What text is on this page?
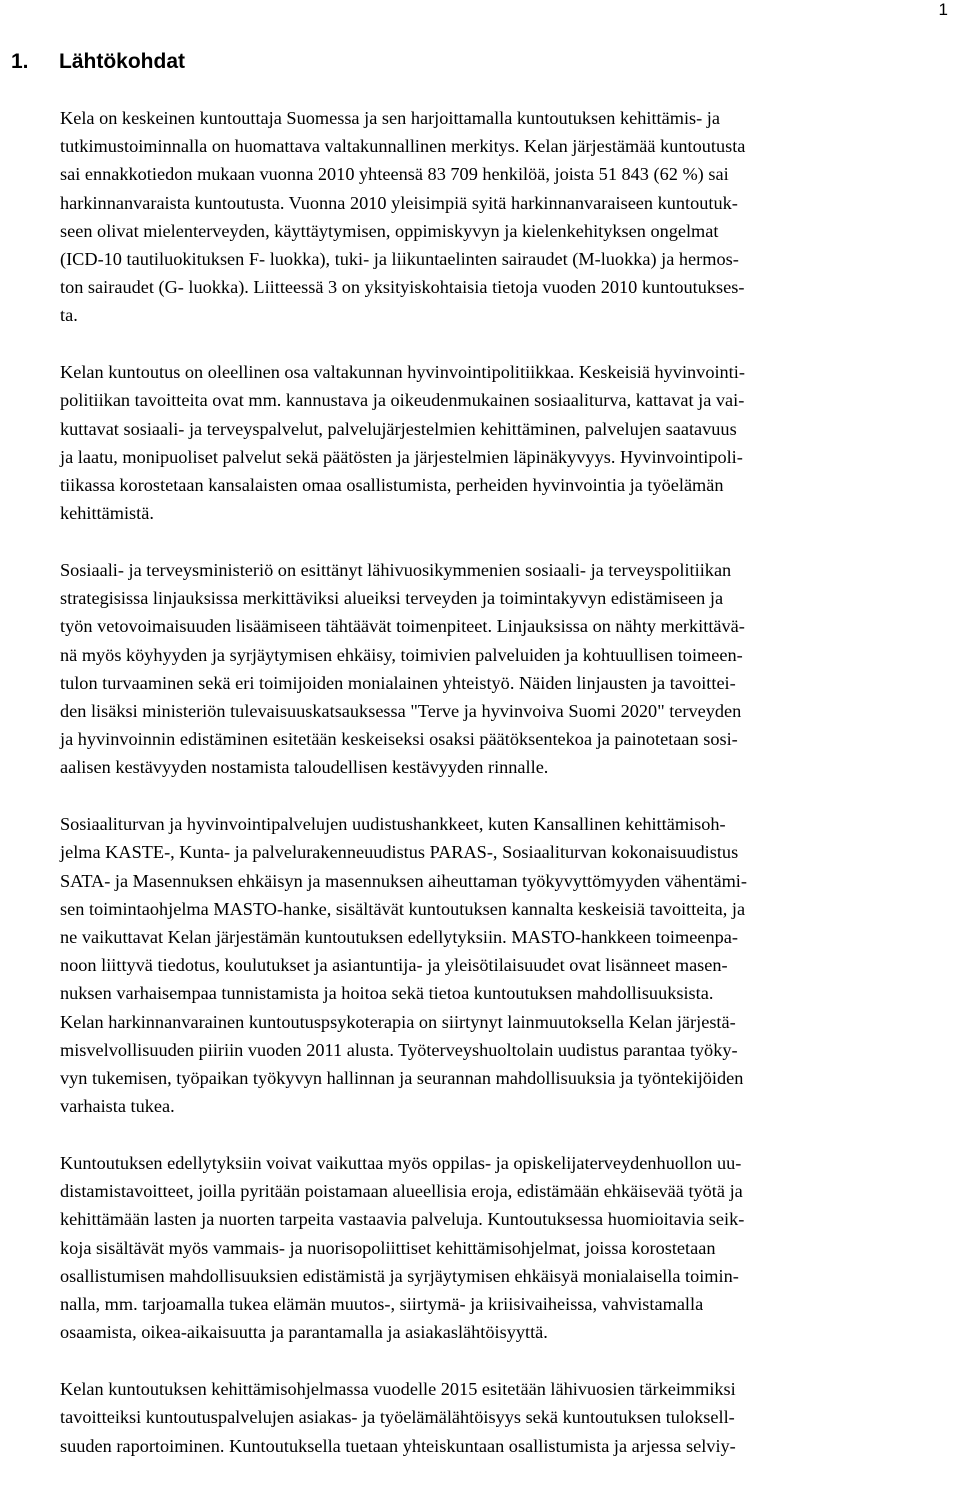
1
1. Lähtökohdat

Kela on keskeinen kuntouttaja Suomessa ja sen harjoittamalla kuntoutuksen kehittämis- ja
tutkimustoiminnalla on huomattava valtakunnallinen merkitys. Kelan järjestämää kuntoutusta
sai ennakkotiedon mukaan vuonna 2010 yhteensä 83 709 henkilöä, joista 51 843 (62 %) sai
harkinnanvaraista kuntoutusta. Vuonna 2010 yleisimpiä syitä harkinnanvaraiseen kuntoutuk-
seen olivat mielenterveyden, käyttäytymisen, oppimiskyvyn ja kielenkehityksen ongelmat
(ICD-10 tautiluokituksen F- luokka), tuki- ja liikuntaelinten sairaudet (M-luokka) ja hermos-
ton sairaudet (G- luokka). Liitteessä 3 on yksityiskohtaisia tietoja vuoden 2010 kuntoutukses-
ta.

Kelan kuntoutus on oleellinen osa valtakunnan hyvinvointipolitiikkaa. Keskeisiä hyvinvointi-
politiikan tavoitteita ovat mm. kannustava ja oikeudenmukainen sosiaaliturva, kattavat ja vai-
kuttavat sosiaali- ja terveyspalvelut, palvelujärjestelmien kehittäminen, palvelujen saatavuus
ja laatu, monipuoliset palvelut sekä päätösten ja järjestelmien läpinäkyvyys. Hyvinvointipoli-
tiikassa korostetaan kansalaisten omaa osallistumista, perheiden hyvinvointia ja työelämän
kehittämistä.

Sosiaali- ja terveysministeriö on esittänyt lähivuosikymmenien sosiaali- ja terveyspolitiikan
strategisissa linjauksissa merkittäviksi alueiksi terveyden ja toimintakyvyn edistämiseen ja
työn vetovoimaisuuden lisäämiseen tähtäävät toimenpiteet. Linjauksissa on nähty merkittävä-
nä myös köyhyyden ja syrjäytymisen ehkäisy, toimivien palveluiden ja kohtuullisen toimeen-
tulon turvaaminen sekä eri toimijoiden monialainen yhteistyö. Näiden linjausten ja tavoittei-
den lisäksi ministeriön tulevaisuuskatsauksessa "Terve ja hyvinvoiva Suomi 2020" terveyden
ja hyvinvoinnin edistäminen esitetään keskeiseksi osaksi päätöksentekoa ja painotetaan sosi-
aalisen kestävyyden nostamista taloudellisen kestävyyden rinnalle.

Sosiaaliturvan ja hyvinvointipalvelujen uudistushankkeet, kuten Kansallinen kehittämisoh-
jelma KASTE-, Kunta- ja palvelurakenneuudistus PARAS-, Sosiaaliturvan kokonaisuudistus
SATA- ja Masennuksen ehkäisyn ja masennuksen aiheuttaman työkyvyttömyyden vähentämi-
sen toimintaohjelma MASTO-hanke, sisältävät kuntoutuksen kannalta keskeisiä tavoitteita, ja
ne vaikuttavat Kelan järjestämän kuntoutuksen edellytyksiin. MASTO-hankkeen toimeenpa-
noon liittyvä tiedotus, koulutukset ja asiantuntija- ja yleisötilaisuudet ovat lisänneet masen-
nuksen varhaisempaa tunnistamista ja hoitoa sekä tietoa kuntoutuksen mahdollisuuksista.
Kelan harkinnanvarainen kuntoutuspsykoterapia on siirtynyt lainmuutoksella Kelan järjestä-
misvelvollisuuden piiriin vuoden 2011 alusta. Työterveyshuoltolain uudistus parantaa työky-
vyn tukemisen, työpaikan työkyvyn hallinnan ja seurannan mahdollisuuksia ja työntekijöiden
varhaista tukea.

Kuntoutuksen edellytyksiin voivat vaikuttaa myös oppilas- ja opiskelijaterveydenhuollon uu-
distamistavoitteet, joilla pyritään poistamaan alueellisia eroja, edistämään ehkäisevää työtä ja
kehittämään lasten ja nuorten tarpeita vastaavia palveluja. Kuntoutuksessa huomioitavia seik-
koja sisältävät myös vammais- ja nuorisopoliittiset kehittämisohjelmat, joissa korostetaan
osallistumisen mahdollisuuksien edistämistä ja syrjäytymisen ehkäisyä monialaisella toimin-
nalla, mm. tarjoamalla tukea elämän muutos-, siirtymä- ja kriisivaiheissa, vahvistamalla
osaamista, oikea-aikaisuutta ja parantamalla ja asiakaslähtöisyyttä.

Kelan kuntoutuksen kehittämisohjelmassa vuodelle 2015 esitetään lähivuosien tärkeimmiksi
tavoitteiksi kuntoutuspalvelujen asiakas- ja työelämälähtöisyys sekä kuntoutuksen tuloksell-
suuden raportoiminen. Kuntoutuksella tuetaan yhteiskuntaan osallistumista ja arjessa selviy-
